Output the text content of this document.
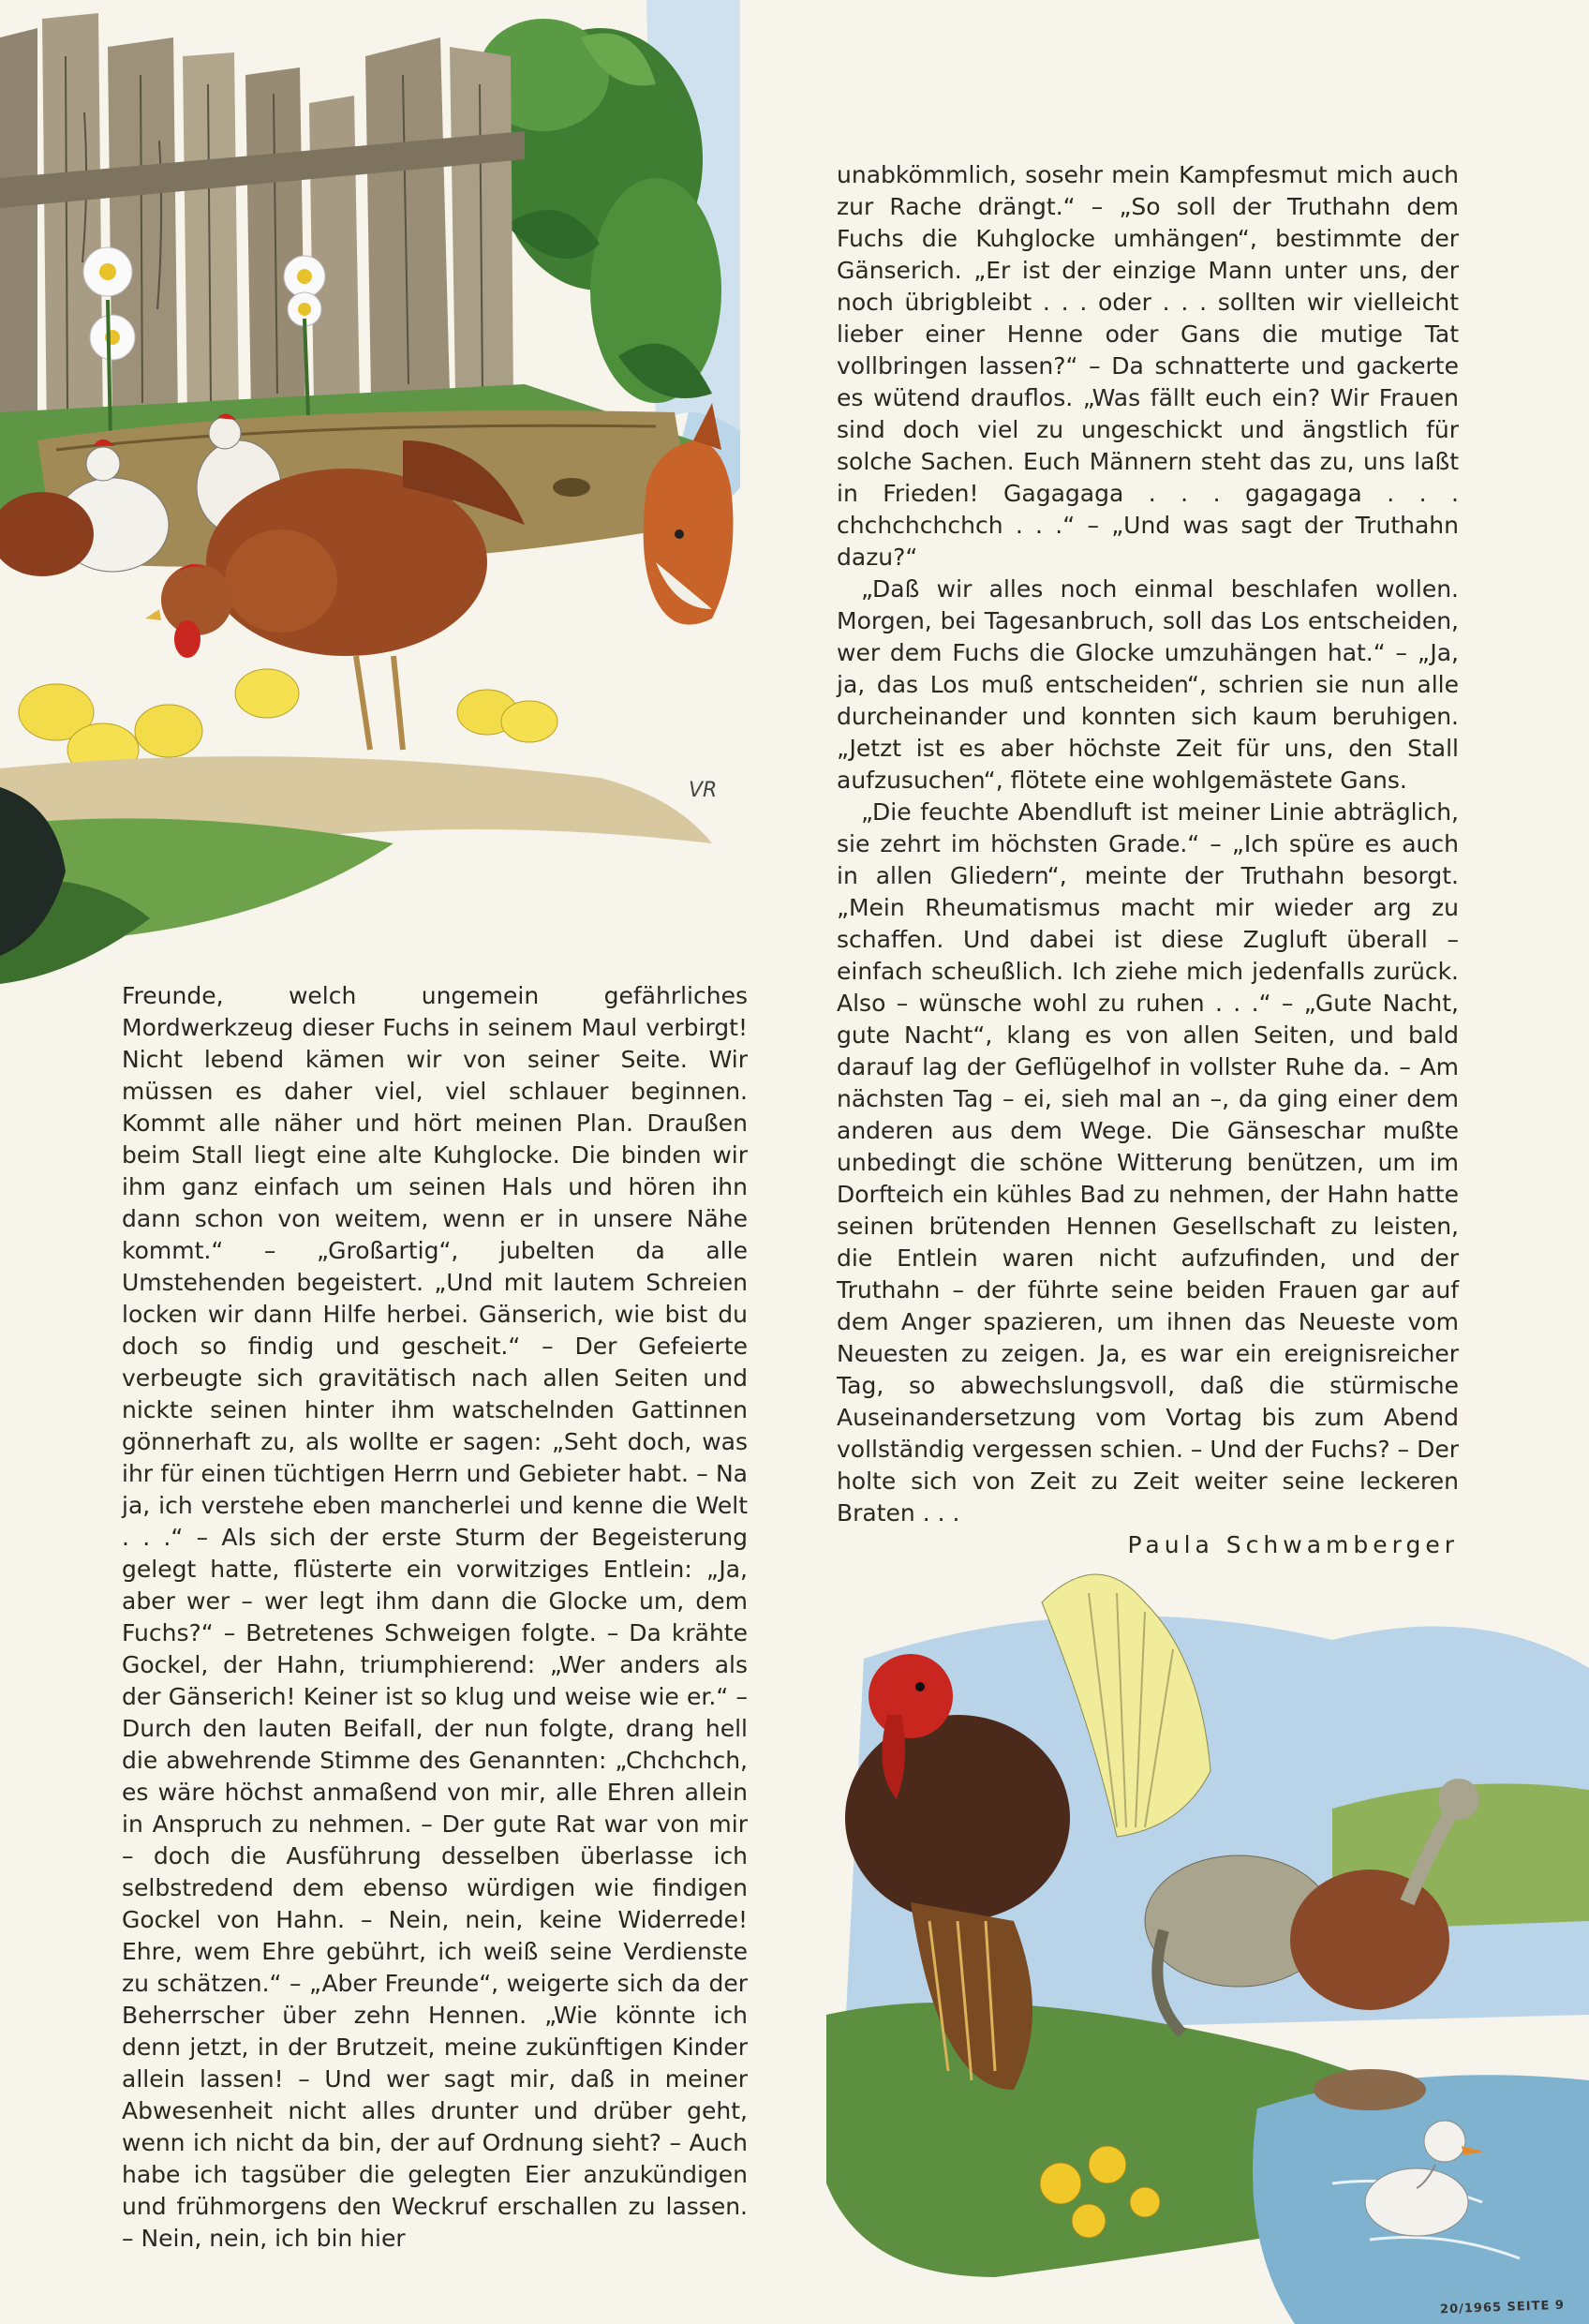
VR

Freunde, welch ungemein gefährliches Mordwerkzeug dieser Fuchs in seinem Maul verbirgt! Nicht lebend kämen wir von seiner Seite. Wir müssen es daher viel, viel schlauer beginnen. Kommt alle näher und hört meinen Plan. Draußen beim Stall liegt eine alte Kuhglocke. Die binden wir ihm ganz einfach um seinen Hals und hören ihn dann schon von weitem, wenn er in unsere Nähe kommt.“ – „Großartig“, jubelten da alle Umstehenden begeistert. „Und mit lautem Schreien locken wir dann Hilfe herbei. Gänserich, wie bist du doch so findig und gescheit.“ – Der Gefeierte verbeugte sich gravitätisch nach allen Seiten und nickte seinen hinter ihm watschelnden Gattinnen gönnerhaft zu, als wollte er sagen: „Seht doch, was ihr für einen tüchtigen Herrn und Gebieter habt. – Na ja, ich verstehe eben mancherlei und kenne die Welt . . .“ – Als sich der erste Sturm der Begeisterung gelegt hatte, flüsterte ein vorwitziges Entlein: „Ja, aber wer – wer legt ihm dann die Glocke um, dem Fuchs?“ – Betretenes Schweigen folgte. – Da krähte Gockel, der Hahn, triumphierend: „Wer anders als der Gänserich! Keiner ist so klug und weise wie er.“ – Durch den lauten Beifall, der nun folgte, drang hell die abwehrende Stimme des Genannten: „Chchchch, es wäre höchst anmaßend von mir, alle Ehren allein in Anspruch zu nehmen. – Der gute Rat war von mir – doch die Ausführung desselben überlasse ich selbstredend dem ebenso würdigen wie findigen Gockel von Hahn. – Nein, nein, keine Widerrede! Ehre, wem Ehre gebührt, ich weiß seine Verdienste zu schätzen.“ – „Aber Freunde“, weigerte sich da der Beherrscher über zehn Hennen. „Wie könnte ich denn jetzt, in der Brutzeit, meine zukünftigen Kinder allein lassen! – Und wer sagt mir, daß in meiner Abwesenheit nicht alles drunter und drüber geht, wenn ich nicht da bin, der auf Ordnung sieht? – Auch habe ich tagsüber die gelegten Eier anzukündigen und frühmorgens den Weckruf erschallen zu lassen. – Nein, nein, ich bin hier

unabkömmlich, sosehr mein Kampfesmut mich auch zur Rache drängt.“ – „So soll der Truthahn dem Fuchs die Kuhglocke umhängen“, bestimmte der Gänserich. „Er ist der einzige Mann unter uns, der noch übrigbleibt . . . oder . . . sollten wir vielleicht lieber einer Henne oder Gans die mutige Tat vollbringen lassen?“ – Da schnatterte und gackerte es wütend drauflos. „Was fällt euch ein? Wir Frauen sind doch viel zu ungeschickt und ängstlich für solche Sachen. Euch Männern steht das zu, uns laßt in Frieden! Gagagaga . . . gagagaga . . . chchchchchch . . .“ – „Und was sagt der Truthahn dazu?“

„Daß wir alles noch einmal beschlafen wollen. Morgen, bei Tagesanbruch, soll das Los entscheiden, wer dem Fuchs die Glocke umzuhängen hat.“ – „Ja, ja, das Los muß entscheiden“, schrien sie nun alle durcheinander und konnten sich kaum beruhigen. „Jetzt ist es aber höchste Zeit für uns, den Stall aufzusuchen“, flötete eine wohlgemästete Gans.

„Die feuchte Abendluft ist meiner Linie abträglich, sie zehrt im höchsten Grade.“ – „Ich spüre es auch in allen Gliedern“, meinte der Truthahn besorgt. „Mein Rheumatismus macht mir wieder arg zu schaffen. Und dabei ist diese Zugluft überall – einfach scheußlich. Ich ziehe mich jedenfalls zurück. Also – wünsche wohl zu ruhen . . .“ – „Gute Nacht, gute Nacht“, klang es von allen Seiten, und bald darauf lag der Geflügelhof in vollster Ruhe da. – Am nächsten Tag – ei, sieh mal an –, da ging einer dem anderen aus dem Wege. Die Gänseschar mußte unbedingt die schöne Witterung benützen, um im Dorfteich ein kühles Bad zu nehmen, der Hahn hatte seinen brütenden Hennen Gesellschaft zu leisten, die Entlein waren nicht aufzufinden, und der Truthahn – der führte seine beiden Frauen gar auf dem Anger spazieren, um ihnen das Neueste vom Neuesten zu zeigen. Ja, es war ein ereignisreicher Tag, so abwechslungsvoll, daß die stürmische Auseinandersetzung vom Vortag bis zum Abend vollständig vergessen schien. – Und der Fuchs? – Der holte sich von Zeit zu Zeit weiter seine leckeren Braten . . .

Paula Schwamberger
20/1965 SEITE 9
